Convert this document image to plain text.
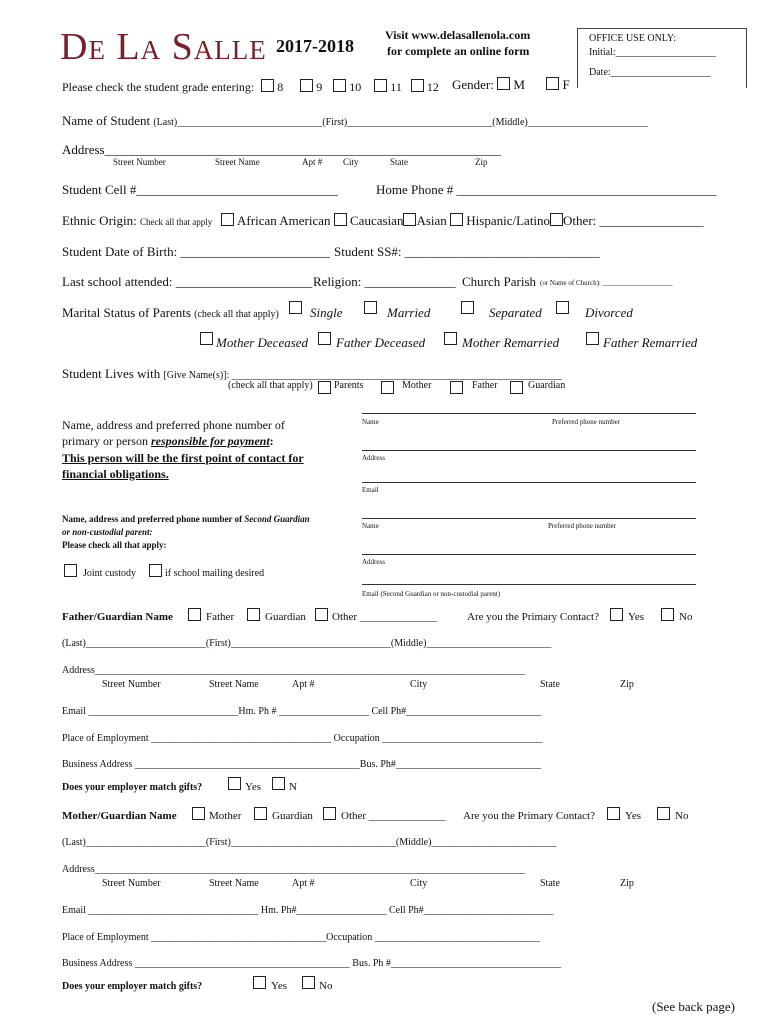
De La Salle 2017-2018
Visit www.delasallenola.com
for complete an online form
OFFICE USE ONLY:
Initial:____________________
Date:____________________
Please check the student grade entering: 8	9 10 11 12 Gender: M	F
Name of Student (Last)_____________________________(First)_____________________________(Middle)________________________
Address_____________________________________________________________
Street Number	Street Name	Apt # City	State	Zip
Student Cell #_______________________________	Home Phone # ________________________________________
Ethnic Origin: Check all that apply African American Caucasian Asian Hispanic/Latino Other: ________________
Student Date of Birth: _______________________ Student SS#: ______________________________
Last school attended: _____________________ Religion: ______________ Church Parish (or Name of Church): ____________________
Marital Status of Parents (check all that apply) Single	Married	Separated	Divorced
Mother Deceased Father Deceased	Mother Remarried	Father Remarried
Student Lives with [Give Name(s)]: __________________________________________________________________
(check all that apply) Parents	Mother	Father	Guardian
Name, address and preferred phone number of
primary or person responsible for payment:
This person will be the first point of contact for
financial obligations.
Name	Preferred phone number
Address
Email
Name, address and preferred phone number of Second Guardian
or non-custodial parent:
Please check all that apply:
Joint custody	if school mailing desired
Name	Preferred phone number
Address
Email (Second Guardian or non-custodial parent)
Father/Guardian Name	Father	Guardian Other ______________	Are you the Primary Contact?	Yes	No
(Last)________________________(First)________________________________(Middle)_________________________
Address______________________________________________________________________________________
Street Number	Street Name	Apt #	City	State	Zip
Email ______________________________Hm. Ph # __________________ Cell Ph#___________________________
Place of Employment ____________________________________ Occupation ________________________________
Business Address _____________________________________________Bus. Ph#_____________________________
Does your employer match gifts?	Yes	N
Mother/Guardian Name	Mother	Guardian	Other ______________ Are you the Primary Contact?	Yes	No
(Last)________________________(First)_________________________________(Middle)_________________________
Address______________________________________________________________________________________
Street Number	Street Name	Apt #	City	State	Zip
Email __________________________________ Hm. Ph#__________________ Cell Ph#__________________________
Place of Employment ___________________________________Occupation _________________________________
Business Address ___________________________________________ Bus. Ph #__________________________________
Does your employer match gifts?	Yes	No
(See back page)
